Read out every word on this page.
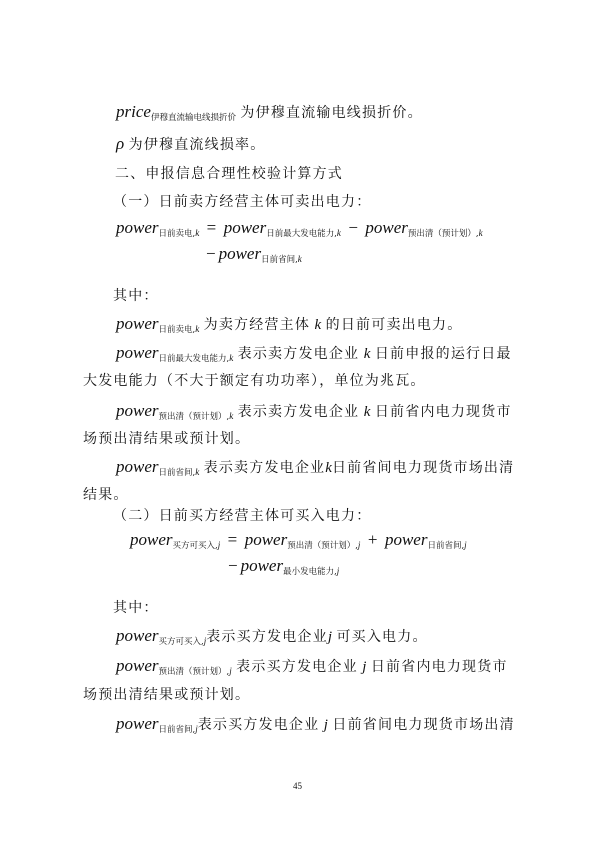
price$_{伊穆直流输电线损折价}$ 为伊穆直流输电线损折价。
ρ 为伊穆直流线损率。
二、申报信息合理性校验计算方式
（一）日前卖方经营主体可卖出电力：
power$_{日前卖电,k}$ = power$_{日前最大发电能力,k}$ − power$_{预出清(预计划),k}$
− power$_{日前省间,k}$
其中：
power$_{日前卖电,k}$ 为卖方经营主体 k 的日前可卖出电力。
power$_{日前最大发电能力,k}$ 表示卖方发电企业 k 日前申报的运行日最
大发电能力（不大于额定有功功率），单位为兆瓦。
power$_{预出清(预计划),k}$ 表示卖方发电企业 k 日前省内电力现货市
场预出清结果或预计划。
power$_{日前省间,k}$ 表示卖方发电企业k日前省间电力现货市场出清
结果。
（二）日前买方经营主体可买入电力：
power$_{买方可买入,j}$ = power$_{预出清(预计划),j}$ + power$_{日前省间,j}$
− power$_{最小发电能力,j}$
其中：
power$_{买方可买入,j}$表示买方发电企业j 可买入电力。
power$_{预出清(预计划),j}$ 表示买方发电企业 j 日前省内电力现货市
场预出清结果或预计划。
power$_{日前省间,j}$表示买方发电企业 j 日前省间电力现货市场出清
45
